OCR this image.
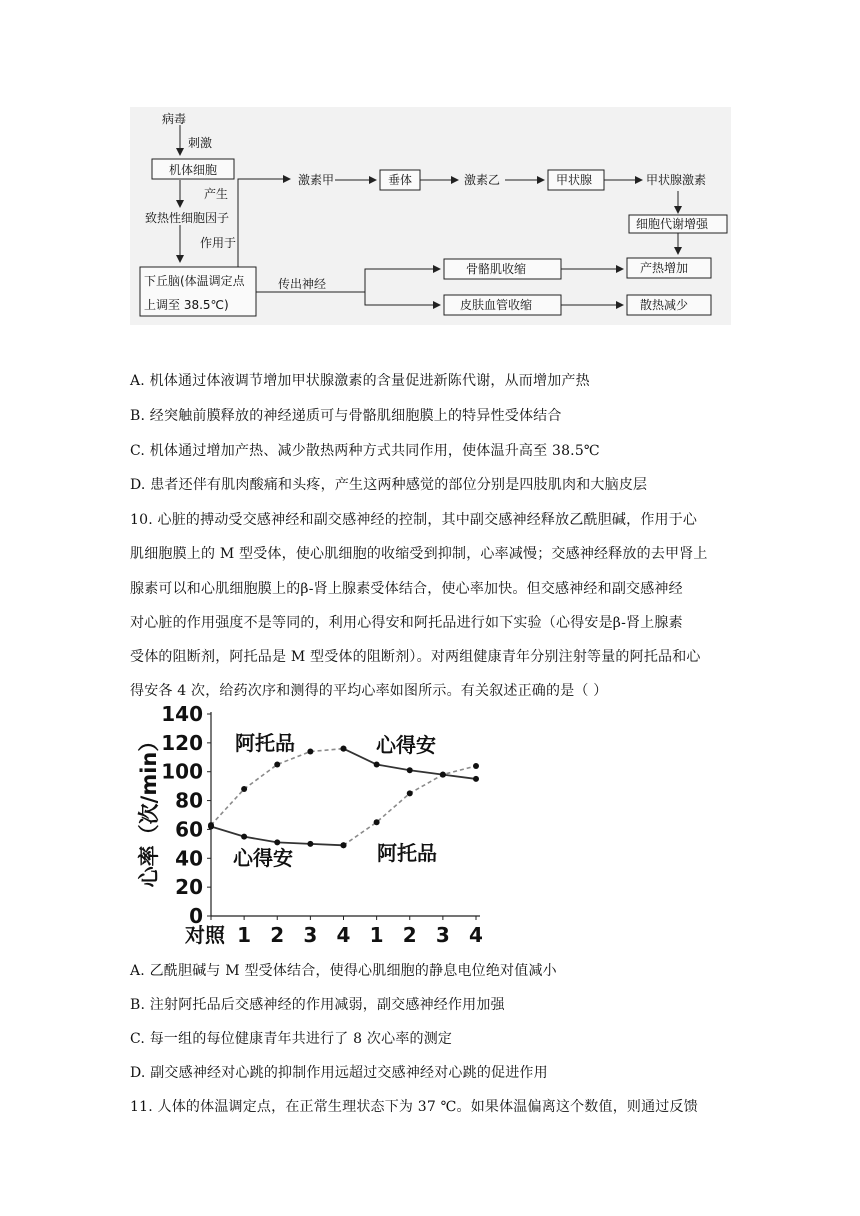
病毒
刺激
机体细胞
产生
致热性细胞因子
作用于
下丘脑(体温调定点
上调至 38.5℃)
激素甲	垂体	激素乙	甲状腺	甲状腺激素
细胞代谢增强
传出神经
骨骼肌收缩
皮肤血管收缩
产热增加
散热减少
A. 机体通过体液调节增加甲状腺激素的含量促进新陈代谢，从而增加产热
B. 经突触前膜释放的神经递质可与骨骼肌细胞膜上的特异性受体结合
C. 机体通过增加产热、减少散热两种方式共同作用，使体温升高至 38.5℃
D. 患者还伴有肌肉酸痛和头疼，产生这两种感觉的部位分别是四肢肌肉和大脑皮层
10. 心脏的搏动受交感神经和副交感神经的控制，其中副交感神经释放乙酰胆碱，作用于心
肌细胞膜上的 M 型受体，使心肌细胞的收缩受到抑制，心率减慢；交感神经释放的去甲肾上
腺素可以和心肌细胞膜上的β-肾上腺素受体结合，使心率加快。但交感神经和副交感神经
对心脏的作用强度不是等同的，利用心得安和阿托品进行如下实验（心得安是β-肾上腺素
受体的阻断剂，阿托品是 M 型受体的阻断剂）。对两组健康青年分别注射等量的阿托品和心
得安各 4 次，给药次序和测得的平均心率如图所示。有关叙述正确的是（ ）
0
20
40
60
80
100
120
140
对照 1 2 3 4 1 2 3 4
心率（次/min）	阿托品	心得安
心得安	阿托品
A. 乙酰胆碱与 M 型受体结合，使得心肌细胞的静息电位绝对值减小
B. 注射阿托品后交感神经的作用减弱，副交感神经作用加强
C. 每一组的每位健康青年共进行了 8 次心率的测定
D. 副交感神经对心跳的抑制作用远超过交感神经对心跳的促进作用
11. 人体的体温调定点，在正常生理状态下为 37 ℃。如果体温偏离这个数值，则通过反馈
